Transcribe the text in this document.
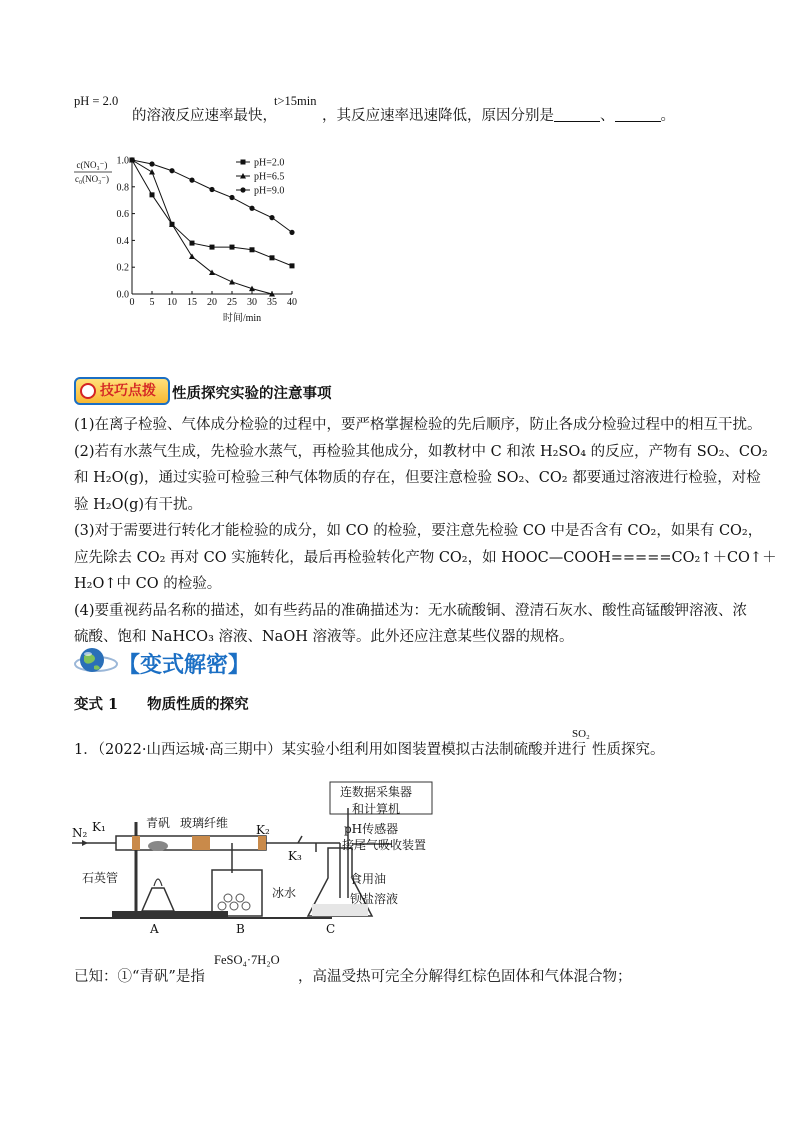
pH = 2.0
的溶液反应速率最快，
t>15min
，其反应速率迅速降低，原因分别是	、	。
0 5 10 15 20 25 30 35 40
0.0
0.2
0.4
0.6
0.8
1.0
时间/min
c(NO₃⁻)
c₀(NO₃⁻)
pH=2.0
pH=6.5
pH=9.0
技巧点拨	性质探究实验的注意事项
(1)在离子检验、气体成分检验的过程中，要严格掌握检验的先后顺序，防止各成分检验过程中的相互干扰。
(2)若有水蒸气生成，先检验水蒸气，再检验其他成分，如教材中 C 和浓 H₂SO₄ 的反应，产物有 SO₂、CO₂
和 H₂O(g)，通过实验可检验三种气体物质的存在，但要注意检验 SO₂、CO₂ 都要通过溶液进行检验，对检
验 H₂O(g)有干扰。
(3)对于需要进行转化才能检验的成分，如 CO 的检验，要注意先检验 CO 中是否含有 CO₂，如果有 CO₂，
应先除去 CO₂ 再对 CO 实施转化，最后再检验转化产物 CO₂，如 HOOC—COOH=====CO₂↑＋CO↑＋
H₂O↑中 CO 的检验。
(4)要重视药品名称的描述，如有些药品的准确描述为：无水硫酸铜、澄清石灰水、酸性高锰酸钾溶液、浓
硫酸、饱和 NaHCO₃ 溶液、NaOH 溶液等。此外还应注意某些仪器的规格。
【变式解密】
变式 1　　物质性质的探究
1．（2022·山西运城·高三期中）某实验小组利用如图装置模拟古法制硫酸并进行
SO₂
性质探究。
连数据采集器
和计算机
N₂ K₁	青矾 玻璃纤维 K₂
K₃
石英管
pH传感器
接尾气吸收装置
冰水
食用油
钡盐溶液
A	B	C
已知：①“青矾”是指
FeSO₄·7H₂O
，高温受热可完全分解得红棕色固体和气体混合物；
